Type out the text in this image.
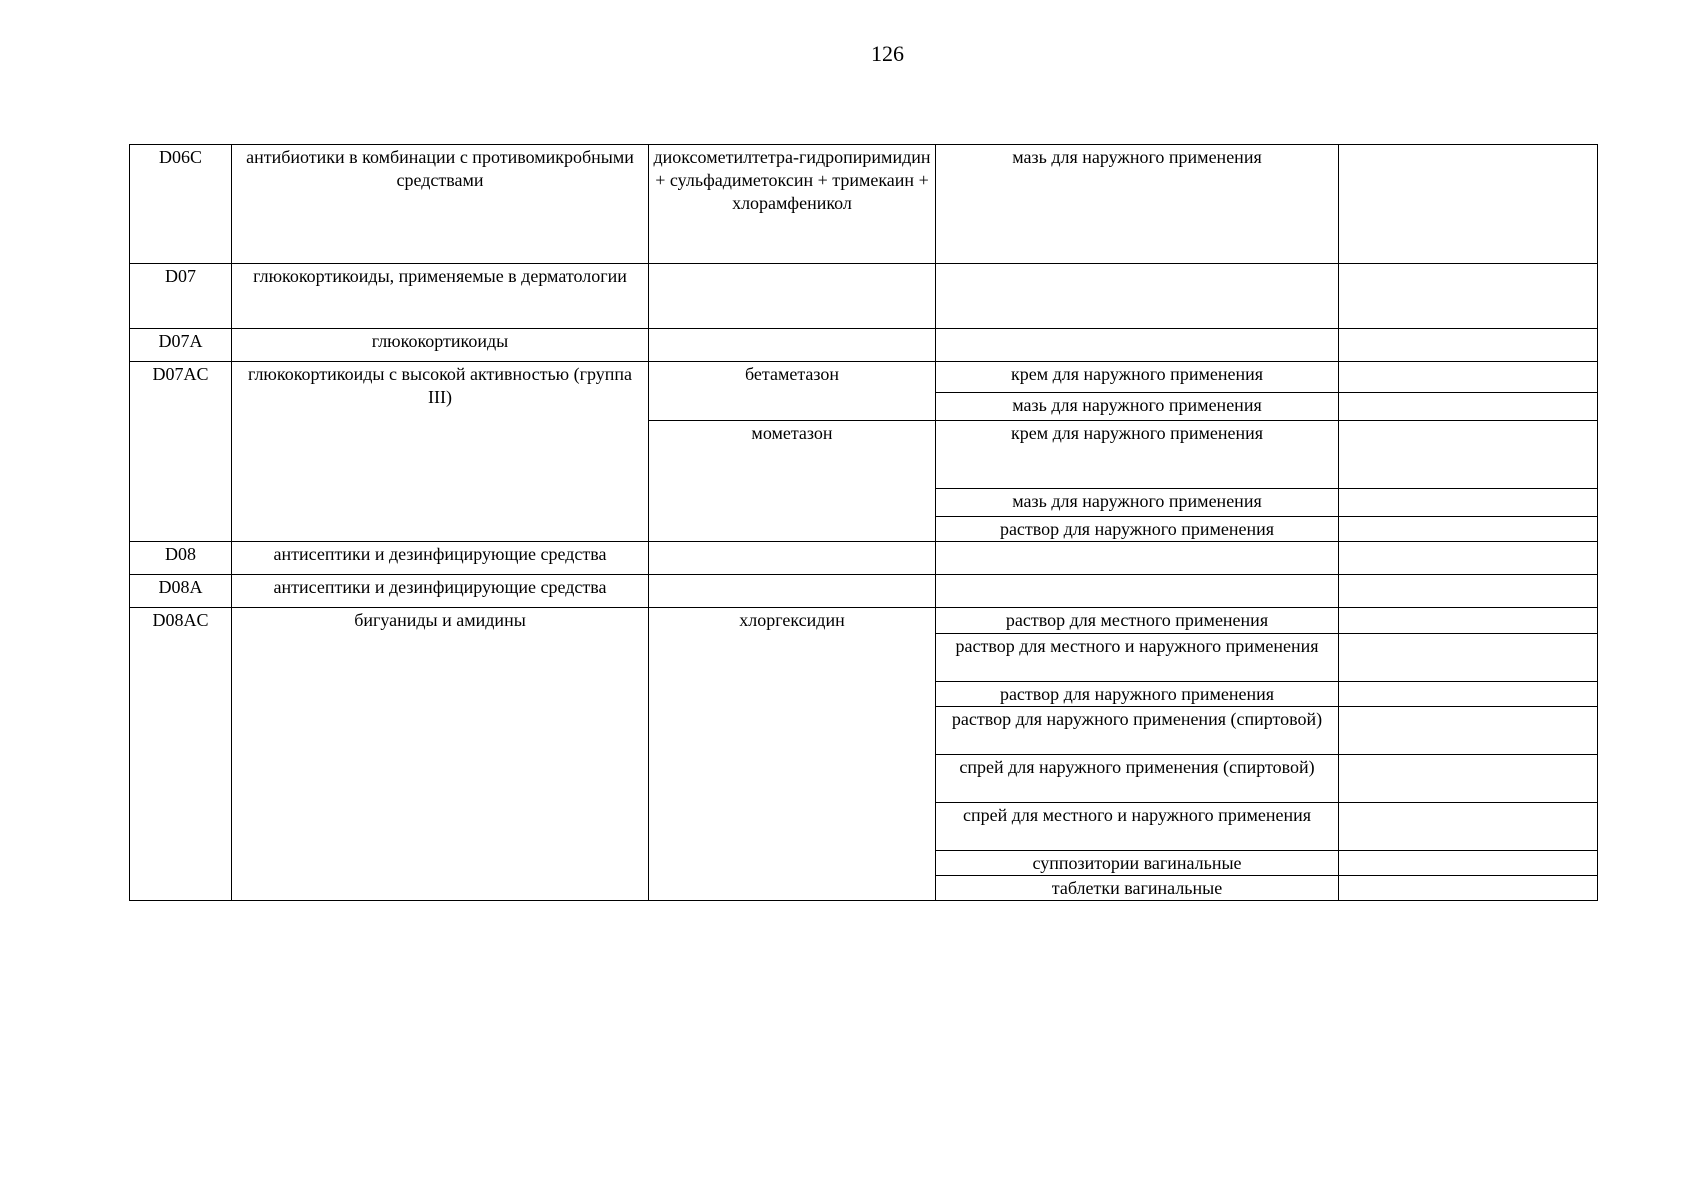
126
D06C	антибиотики в комбинации с противомикробными средствами	диоксометилтетра-гидропиримидин + сульфадиметоксин + тримекаин + хлорамфеникол	мазь для наружного применения	
D07	глюкокортикоиды, применяемые в дерматологии			
D07A	глюкокортикоиды			
D07AC	глюкокортикоиды с высокой активностью (группа III)	бетаметазон	крем для наружного применения	
			мазь для наружного применения	
		мометазон	крем для наружного применения	
			мазь для наружного применения	
			раствор для наружного применения	
D08	антисептики и дезинфицирующие средства			
D08A	антисептики и дезинфицирующие средства			
D08AC	бигуаниды и амидины	хлоргексидин	раствор для местного применения	
			раствор для местного и наружного применения	
			раствор для наружного применения	
			раствор для наружного применения (спиртовой)	
			спрей для наружного применения (спиртовой)	
			спрей для местного и наружного применения	
			суппозитории вагинальные	
			таблетки вагинальные	
